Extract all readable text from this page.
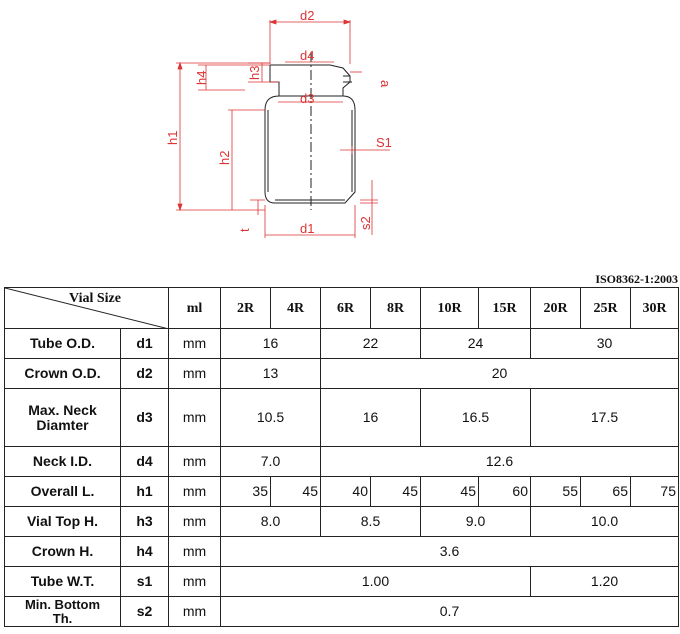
d2
d4
d3
d1
h1
h2
h3
h4
t
a
S1
s2
ISO8362-1:2003
Vial Size		ml	2R	4R	6R	8R	10R	15R	20R	25R	30R
Tube O.D.	d1	mm	16		22		24		30		
Crown O.D.	d2	mm	13		20						
Max. Neck
Diamter	d3	mm	10.5		16		16.5		17.5		
Neck I.D.	d4	mm	7.0		12.6						
Overall L.	h1	mm	35	45	40	45	45	60	55	65	75
Vial Top H.	h3	mm	8.0		8.5		9.0		10.0		
Crown H.	h4	mm	3.6								
Tube W.T.	s1	mm	1.00						1.20		
Min. Bottom
Th.	s2	mm	0.7								
